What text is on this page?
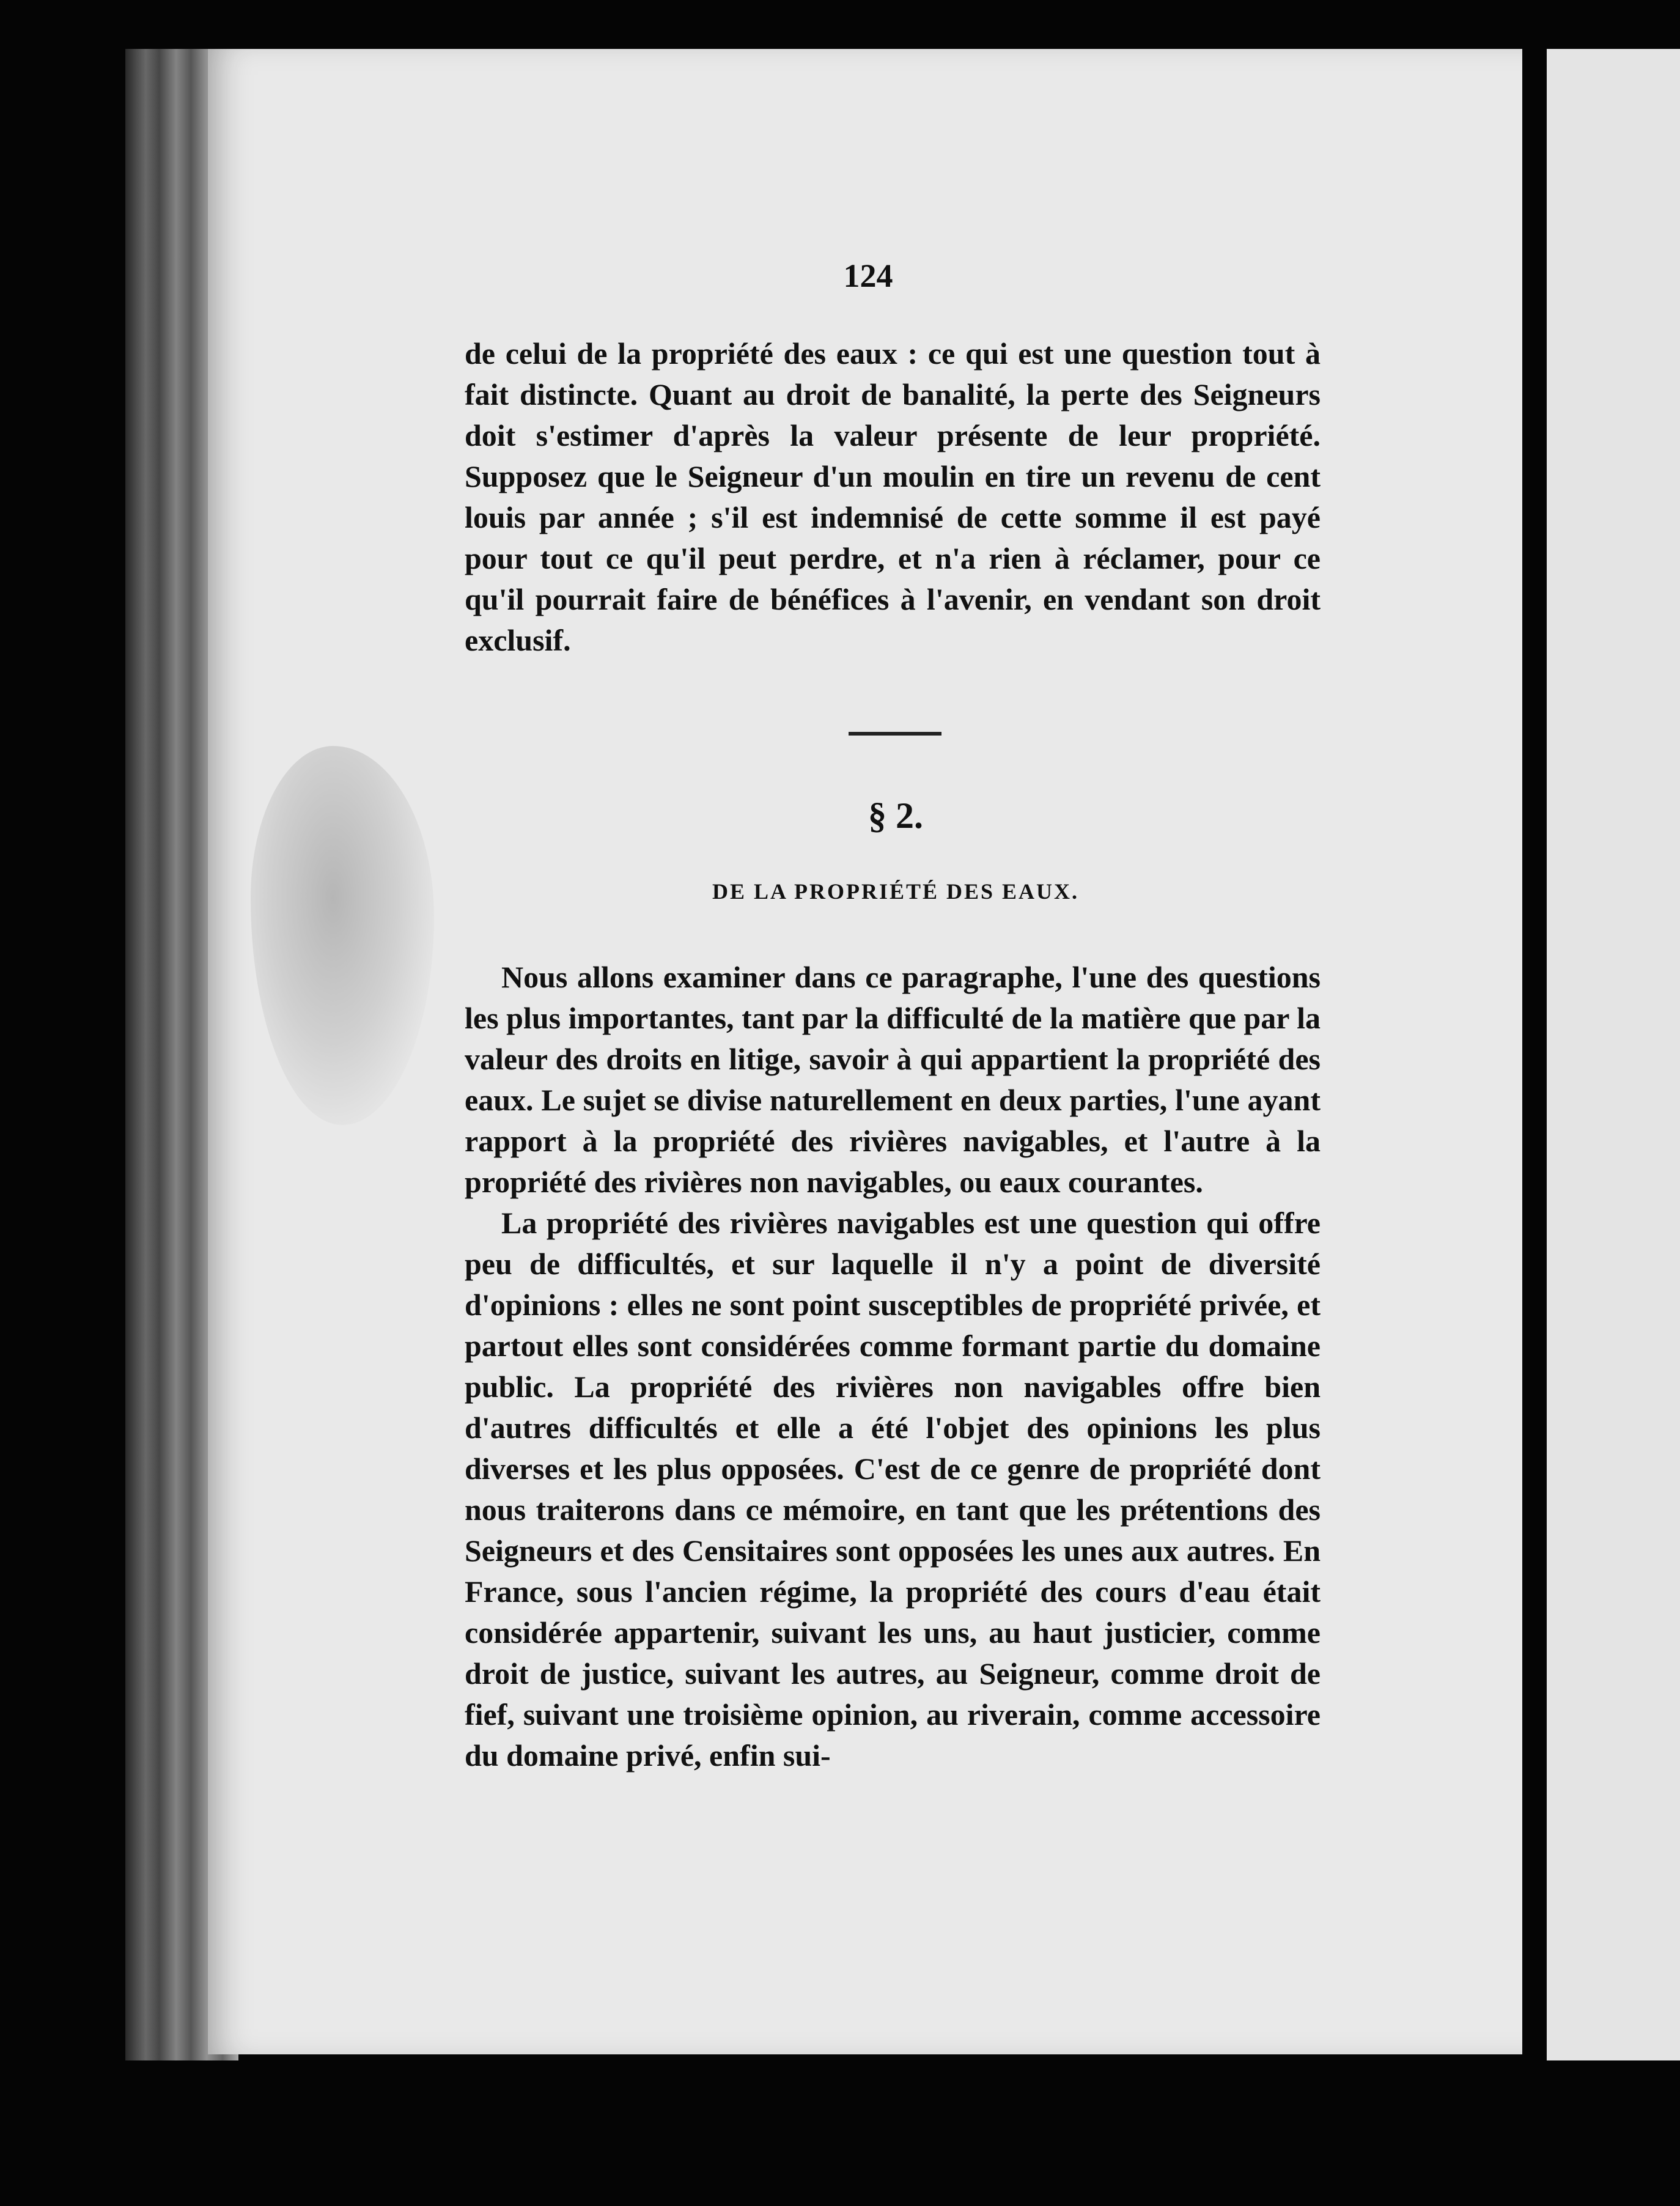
124

de celui de la propriété des eaux : ce qui est une question tout à fait distincte. Quant au droit de banalité, la perte des Seigneurs doit s'estimer d'après la valeur présente de leur propriété. Supposez que le Seigneur d'un moulin en tire un revenu de cent louis par année ; s'il est indemnisé de cette somme il est payé pour tout ce qu'il peut perdre, et n'a rien à réclamer, pour ce qu'il pourrait faire de bénéfices à l'avenir, en vendant son droit exclusif.

§ 2.
DE LA PROPRIÉTÉ DES EAUX.

Nous allons examiner dans ce paragraphe, l'une des questions les plus importantes, tant par la difficulté de la matière que par la valeur des droits en litige, savoir à qui appartient la propriété des eaux. Le sujet se divise naturellement en deux parties, l'une ayant rapport à la propriété des rivières navigables, et l'autre à la propriété des rivières non navigables, ou eaux courantes.

La propriété des rivières navigables est une question qui offre peu de difficultés, et sur laquelle il n'y a point de diversité d'opinions : elles ne sont point susceptibles de propriété privée, et partout elles sont considérées comme formant partie du domaine public. La propriété des rivières non navigables offre bien d'autres difficultés et elle a été l'objet des opinions les plus diverses et les plus opposées. C'est de ce genre de propriété dont nous traiterons dans ce mémoire, en tant que les prétentions des Seigneurs et des Censitaires sont opposées les unes aux autres. En France, sous l'ancien régime, la propriété des cours d'eau était considérée appartenir, suivant les uns, au haut justicier, comme droit de justice, suivant les autres, au Seigneur, comme droit de fief, suivant une troisième opinion, au riverain, comme accessoire du domaine privé, enfin sui-
